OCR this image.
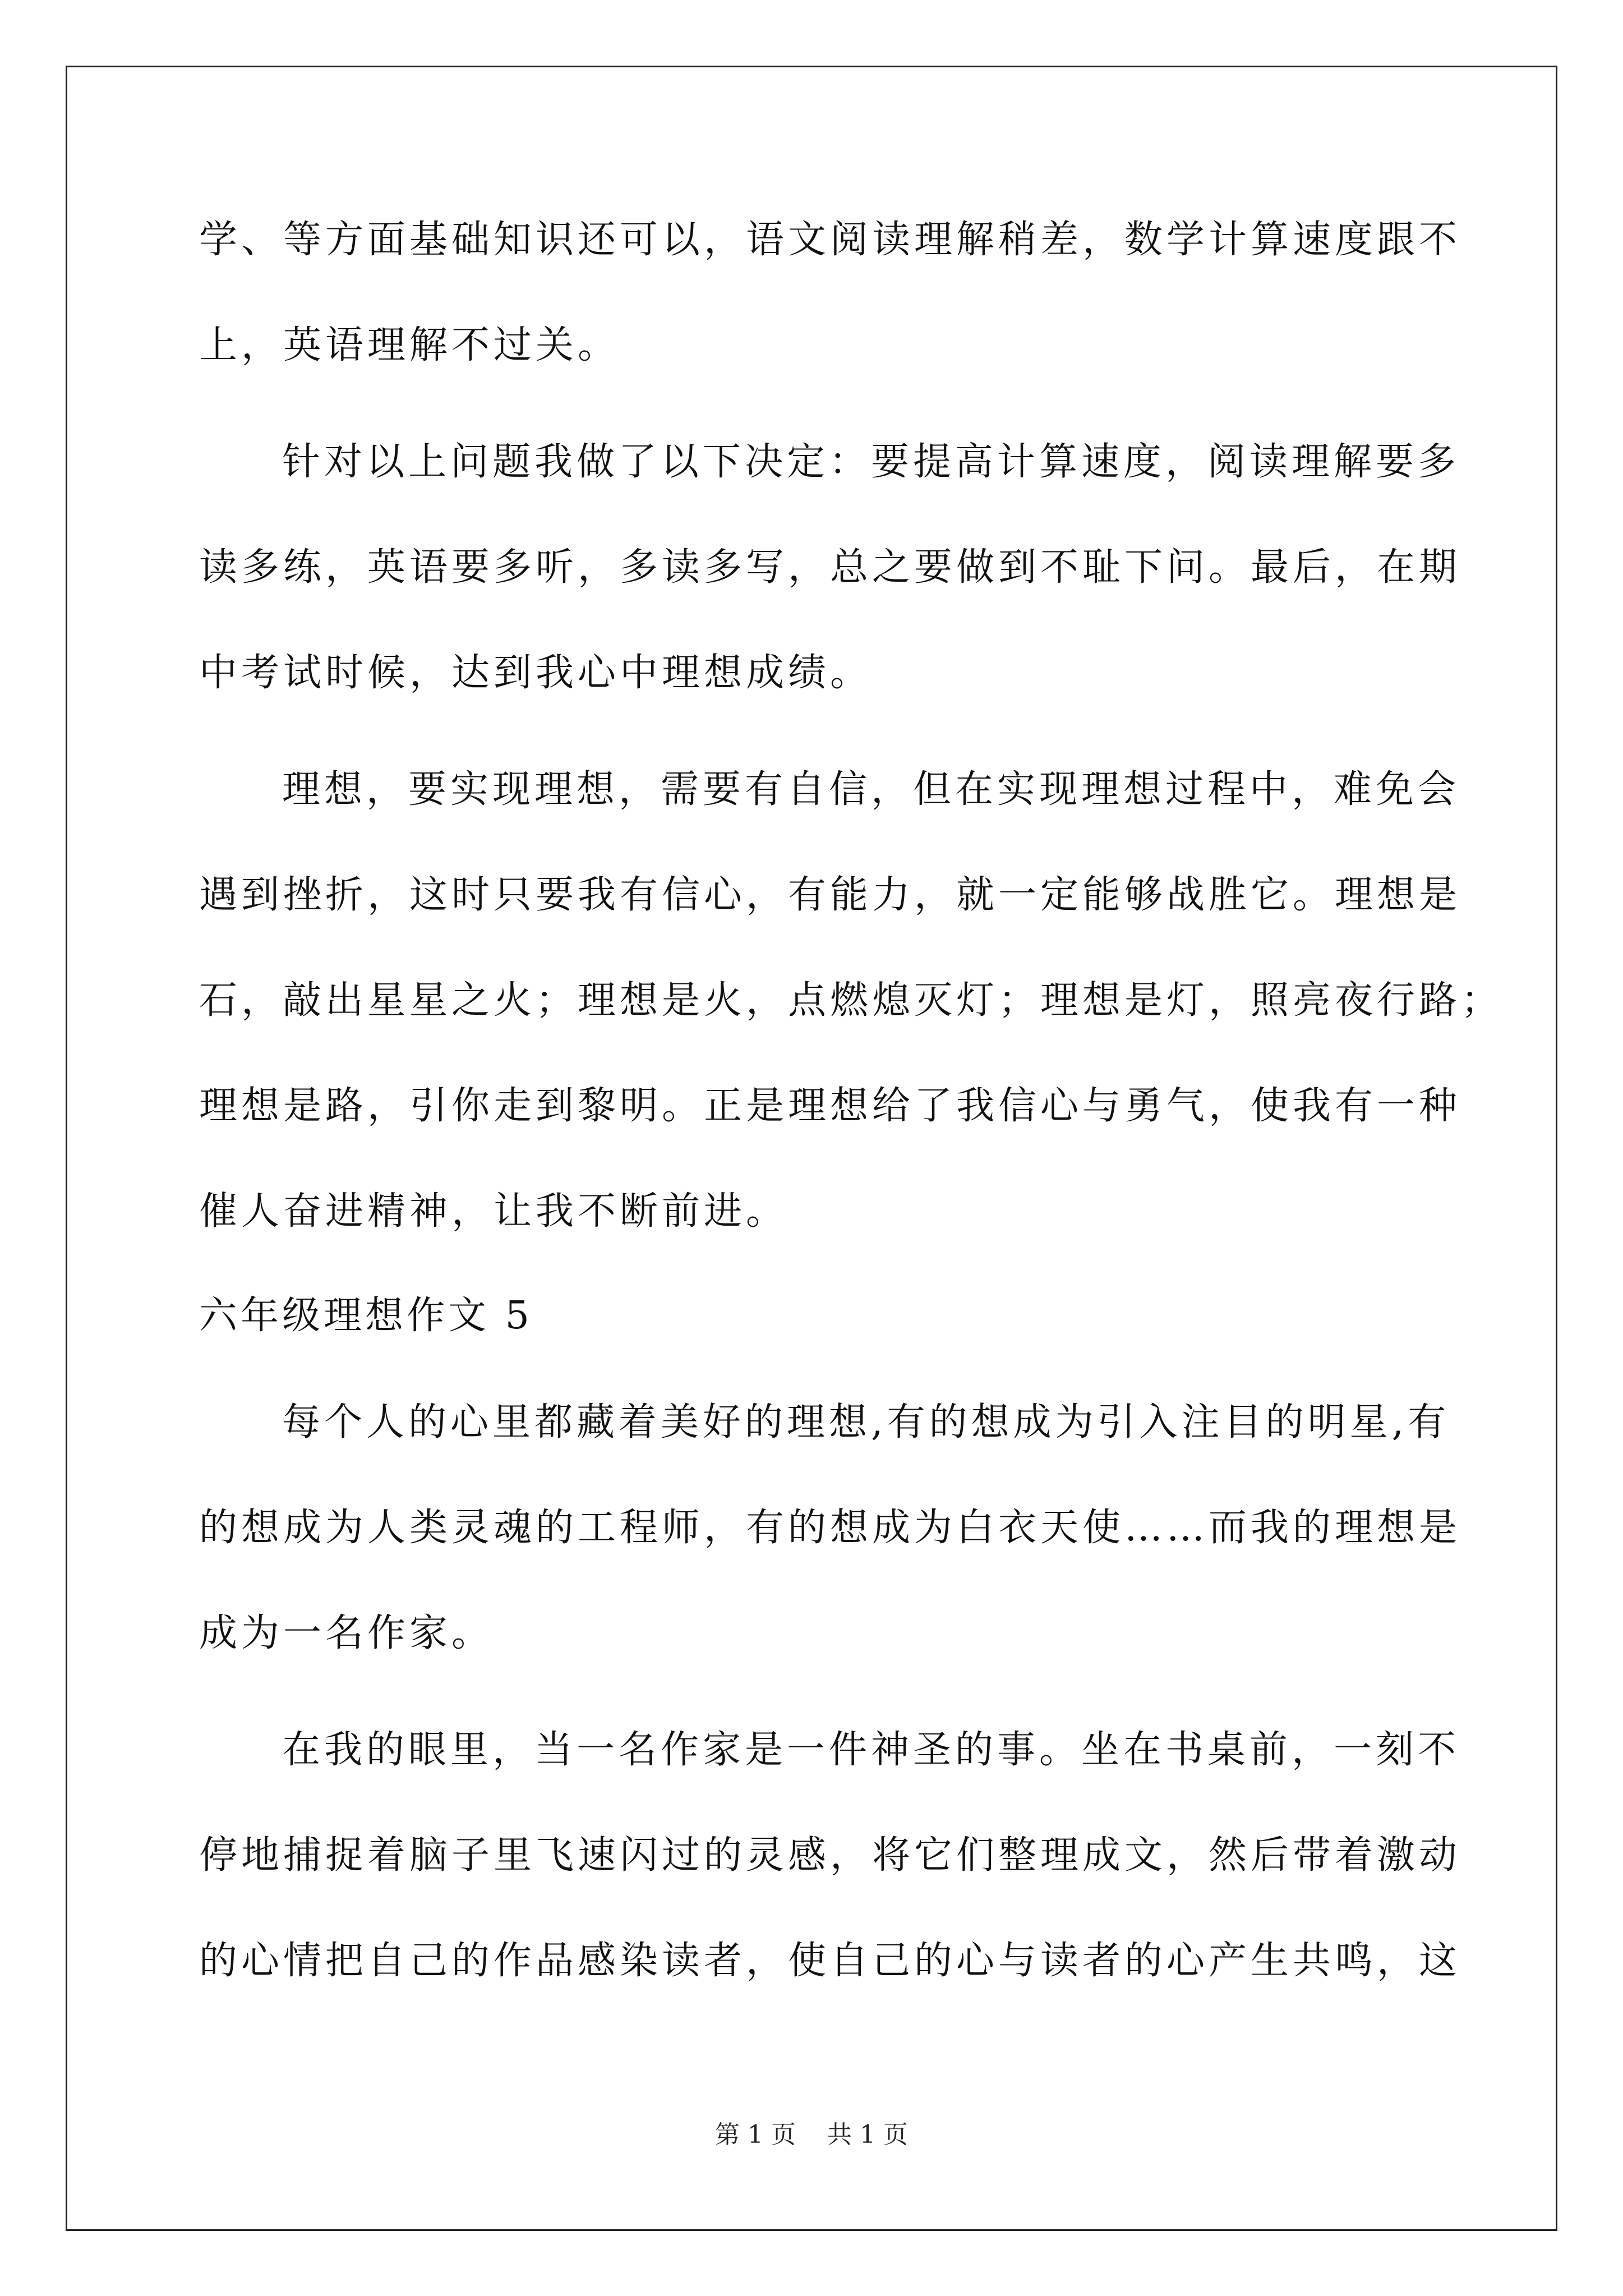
学、等方面基础知识还可以，语文阅读理解稍差，数学计算速度跟不

上，英语理解不过关。

针对以上问题我做了以下决定：要提高计算速度，阅读理解要多

读多练，英语要多听，多读多写，总之要做到不耻下问。最后，在期

中考试时候，达到我心中理想成绩。

理想，要实现理想，需要有自信，但在实现理想过程中，难免会

遇到挫折，这时只要我有信心，有能力，就一定能够战胜它。理想是

石，敲出星星之火；理想是火，点燃熄灭灯；理想是灯，照亮夜行路；

理想是路，引你走到黎明。正是理想给了我信心与勇气，使我有一种

催人奋进精神，让我不断前进。

六年级理想作文 5

每个人的心里都藏着美好的理想,有的想成为引入注目的明星,有

的想成为人类灵魂的工程师，有的想成为白衣天使……而我的理想是

成为一名作家。

在我的眼里，当一名作家是一件神圣的事。坐在书桌前，一刻不

停地捕捉着脑子里飞速闪过的灵感，将它们整理成文，然后带着激动

的心情把自己的作品感染读者，使自己的心与读者的心产生共鸣，这

第 1 页    共 1 页
